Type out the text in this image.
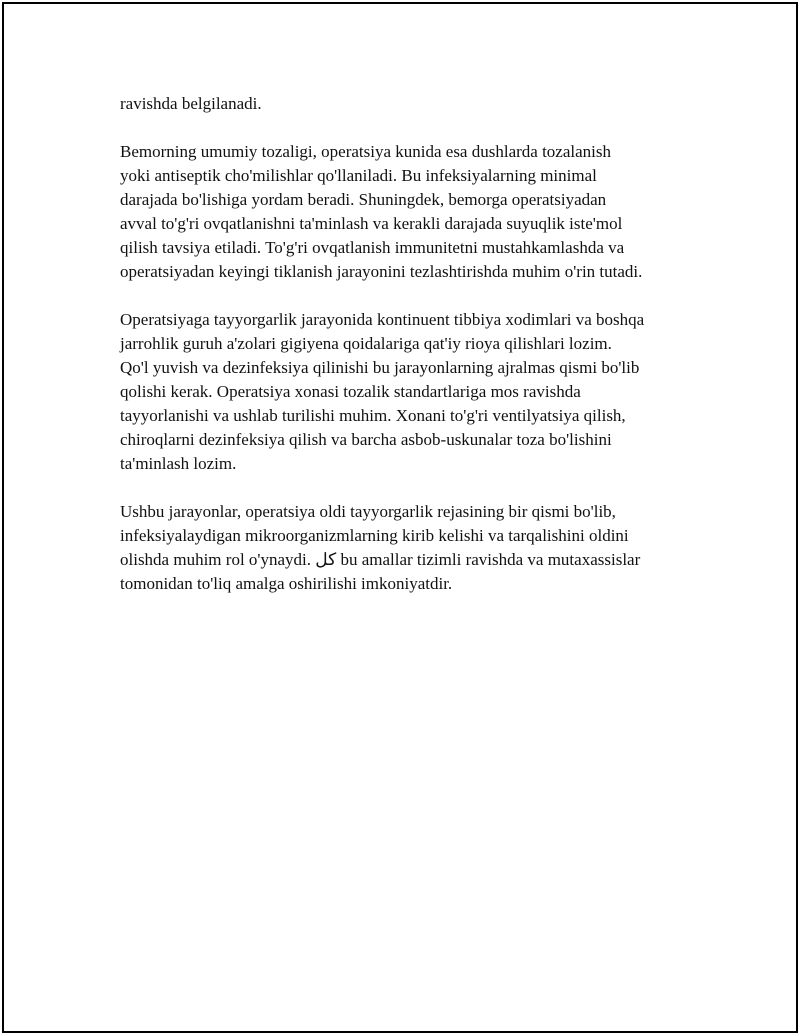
ravishda belgilanadi.

Bemorning umumiy tozaligi, operatsiya kunida esa dushlarda tozalanish
yoki antiseptik cho'milishlar qo'llaniladi. Bu infeksiyalarning minimal
darajada bo'lishiga yordam beradi. Shuningdek, bemorga operatsiyadan
avval to'g'ri ovqatlanishni ta'minlash va kerakli darajada suyuqlik iste'mol
qilish tavsiya etiladi. To'g'ri ovqatlanish immunitetni mustahkamlashda va
operatsiyadan keyingi tiklanish jarayonini tezlashtirishda muhim o'rin tutadi.

Operatsiyaga tayyorgarlik jarayonida kontinuent tibbiya xodimlari va boshqa
jarrohlik guruh a'zolari gigiyena qoidalariga qat'iy rioya qilishlari lozim.
Qo'l yuvish va dezinfeksiya qilinishi bu jarayonlarning ajralmas qismi bo'lib
qolishi kerak. Operatsiya xonasi tozalik standartlariga mos ravishda
tayyorlanishi va ushlab turilishi muhim. Xonani to'g'ri ventilyatsiya qilish,
chiroqlarni dezinfeksiya qilish va barcha asbob-uskunalar toza bo'lishini
ta'minlash lozim.

Ushbu jarayonlar, operatsiya oldi tayyorgarlik rejasining bir qismi bo'lib,
infeksiyalaydigan mikroorganizmlarning kirib kelishi va tarqalishini oldini
olishda muhim rol o'ynaydi. كل bu amallar tizimli ravishda va mutaxassislar
tomonidan to'liq amalga oshirilishi imkoniyatdir.
